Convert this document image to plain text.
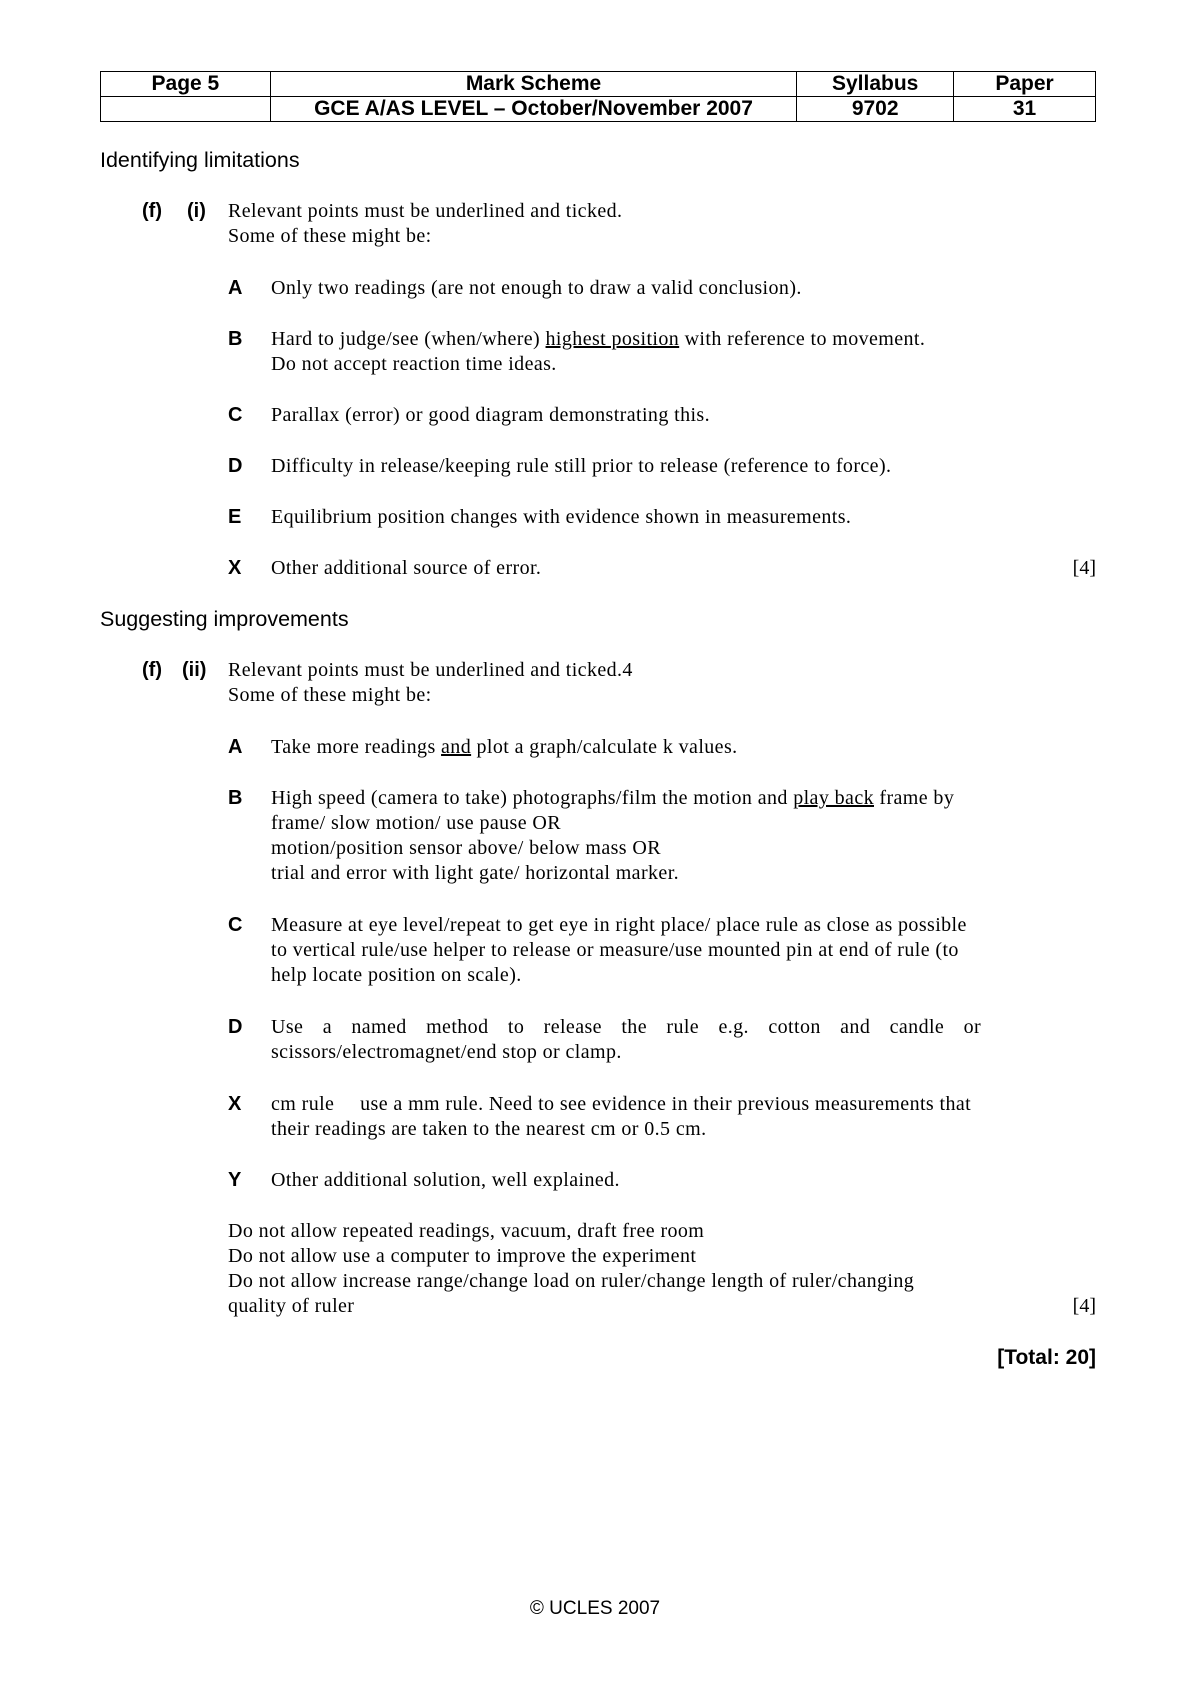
Page 5	Mark Scheme	Syllabus	Paper
	GCE A/AS LEVEL – October/November 2007	9702	31
Identifying limitations
(f) (i) Relevant points must be underlined and ticked.
Some of these might be:
A Only two readings (are not enough to draw a valid conclusion).
B Hard to judge/see (when/where) highest position with reference to movement.
Do not accept reaction time ideas.
C Parallax (error) or good diagram demonstrating this.
D Difficulty in release/keeping rule still prior to release (reference to force).
E Equilibrium position changes with evidence shown in measurements.
X Other additional source of error.	[4]
Suggesting improvements
(f) (ii) Relevant points must be underlined and ticked.4
Some of these might be:
A Take more readings and plot a graph/calculate k values.
B High speed (camera to take) photographs/film the motion and play back frame by
frame/ slow motion/ use pause OR
motion/position sensor above/ below mass OR
trial and error with light gate/ horizontal marker.
C Measure at eye level/repeat to get eye in right place/ place rule as close as possible
to vertical rule/use helper to release or measure/use mounted pin at end of rule (to
help locate position on scale).
D Use a named method to release the rule e.g. cotton and candle or
scissors/electromagnet/end stop or clamp.
X cm rule  use a mm rule. Need to see evidence in their previous measurements that
their readings are taken to the nearest cm or 0.5 cm.
Y Other additional solution, well explained.
Do not allow repeated readings, vacuum, draft free room
Do not allow use a computer to improve the experiment
Do not allow increase range/change load on ruler/change length of ruler/changing
quality of ruler	[4]
[Total: 20]
© UCLES 2007
